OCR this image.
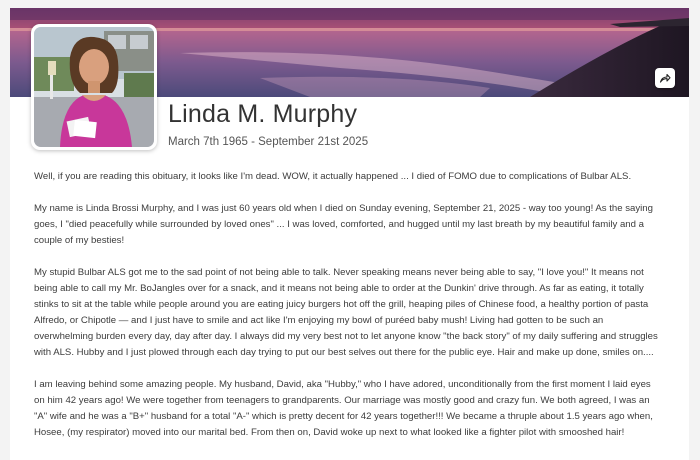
Linda M. Murphy
March 7th 1965 - September 21st 2025

Well, if you are reading this obituary, it looks like I'm dead. WOW, it actually happened ... I died of FOMO due to complications of Bulbar ALS.

My name is Linda Brossi Murphy, and I was just 60 years old when I died on Sunday evening, September 21, 2025 - way too young! As the saying goes, I "died peacefully while surrounded by loved ones" ... I was loved, comforted, and hugged until my last breath by my beautiful family and a couple of my besties!

My stupid Bulbar ALS got me to the sad point of not being able to talk. Never speaking means never being able to say, "I love you!" It means not being able to call my Mr. BoJangles over for a snack, and it means not being able to order at the Dunkin' drive through. As far as eating, it totally stinks to sit at the table while people around you are eating juicy burgers hot off the grill, heaping piles of Chinese food, a healthy portion of pasta Alfredo, or Chipotle — and I just have to smile and act like I'm enjoying my bowl of puréed baby mush! Living had gotten to be such an overwhelming burden every day, day after day. I always did my very best not to let anyone know "the back story" of my daily suffering and struggles with ALS. Hubby and I just plowed through each day trying to put our best selves out there for the public eye. Hair and make up done, smiles on....

I am leaving behind some amazing people. My husband, David, aka "Hubby," who I have adored, unconditionally from the first moment I laid eyes on him 42 years ago! We were together from teenagers to grandparents. Our marriage was mostly good and crazy fun. We both agreed, I was an "A" wife and he was a "B+" husband for a total "A-" which is pretty decent for 42 years together!!! We became a thruple about 1.5 years ago when, Hosee, (my respirator) moved into our marital bed. From then on, David woke up next to what looked like a fighter pilot with smooshed hair!
